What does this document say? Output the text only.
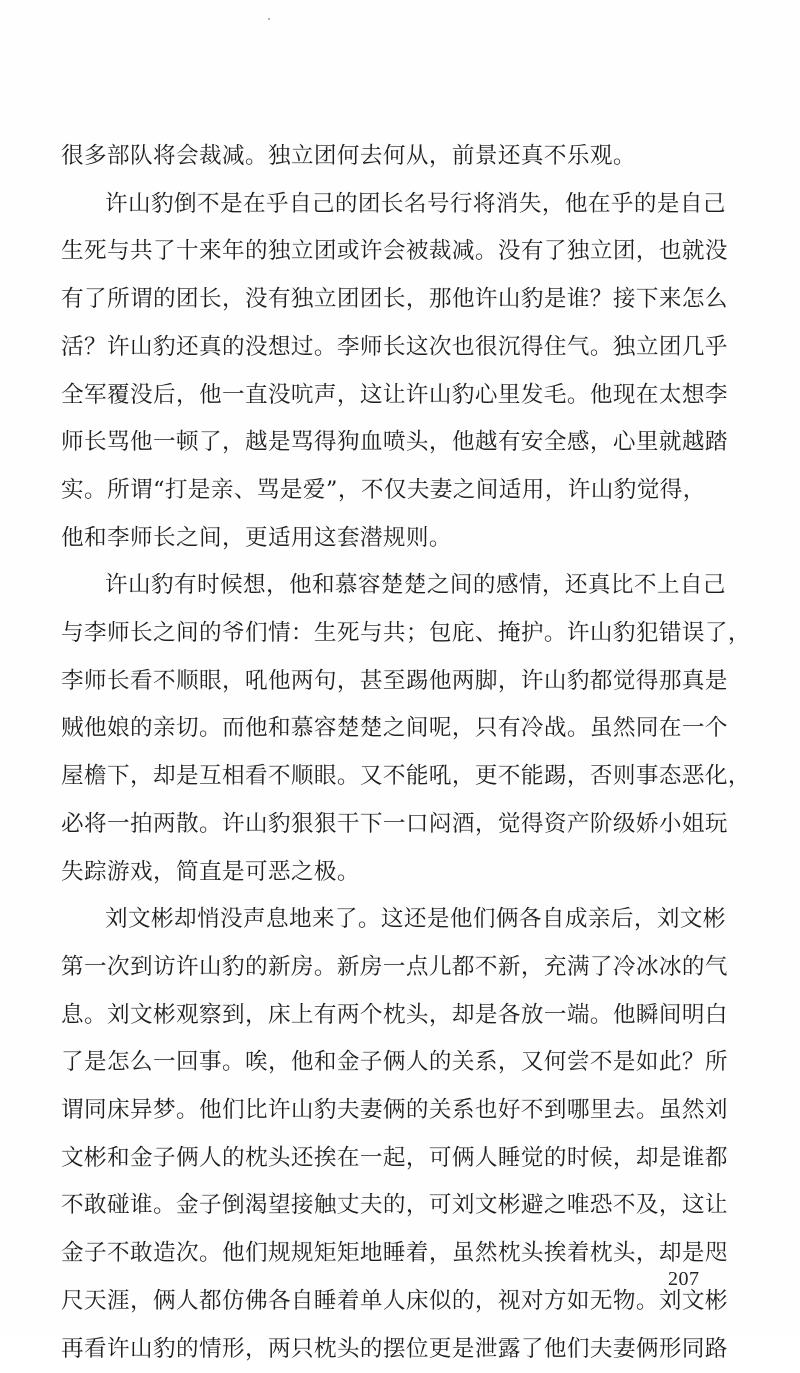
很多部队将会裁减。独立团何去何从，前景还真不乐观。

许山豹倒不是在乎自己的团长名号行将消失，他在乎的是自己
生死与共了十来年的独立团或许会被裁减。没有了独立团，也就没
有了所谓的团长，没有独立团团长，那他许山豹是谁？接下来怎么
活？许山豹还真的没想过。李师长这次也很沉得住气。独立团几乎
全军覆没后，他一直没吭声，这让许山豹心里发毛。他现在太想李
师长骂他一顿了，越是骂得狗血喷头，他越有安全感，心里就越踏
实。所谓“打是亲、骂是爱”，不仅夫妻之间适用，许山豹觉得，
他和李师长之间，更适用这套潜规则。

许山豹有时候想，他和慕容楚楚之间的感情，还真比不上自己
与李师长之间的爷们情：生死与共；包庇、掩护。许山豹犯错误了，
李师长看不顺眼，吼他两句，甚至踢他两脚，许山豹都觉得那真是
贼他娘的亲切。而他和慕容楚楚之间呢，只有冷战。虽然同在一个
屋檐下，却是互相看不顺眼。又不能吼，更不能踢，否则事态恶化，
必将一拍两散。许山豹狠狠干下一口闷酒，觉得资产阶级娇小姐玩
失踪游戏，简直是可恶之极。

刘文彬却悄没声息地来了。这还是他们俩各自成亲后，刘文彬
第一次到访许山豹的新房。新房一点儿都不新，充满了冷冰冰的气
息。刘文彬观察到，床上有两个枕头，却是各放一端。他瞬间明白
了是怎么一回事。唉，他和金子俩人的关系，又何尝不是如此？所
谓同床异梦。他们比许山豹夫妻俩的关系也好不到哪里去。虽然刘
文彬和金子俩人的枕头还挨在一起，可俩人睡觉的时候，却是谁都
不敢碰谁。金子倒渴望接触丈夫的，可刘文彬避之唯恐不及，这让
金子不敢造次。他们规规矩矩地睡着，虽然枕头挨着枕头，却是咫
尺天涯，俩人都仿佛各自睡着单人床似的，视对方如无物。刘文彬
再看许山豹的情形，两只枕头的摆位更是泄露了他们夫妻俩形同路

207
